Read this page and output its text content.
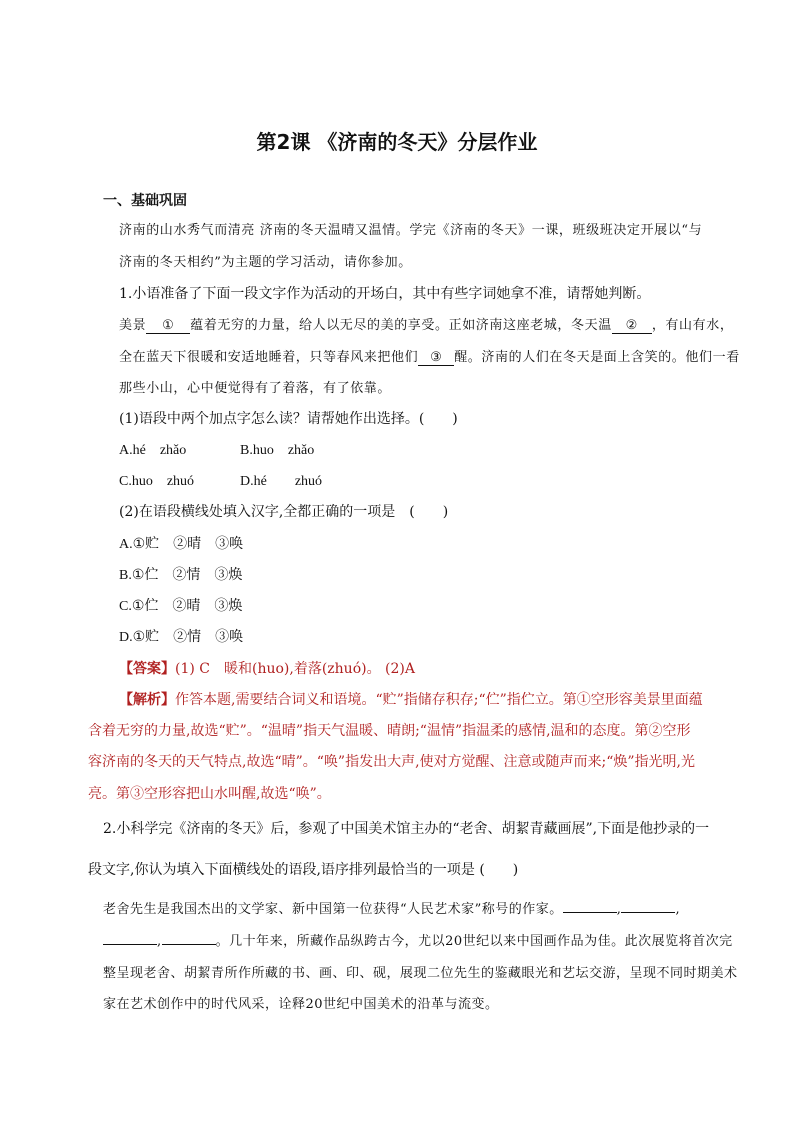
第2课 《济南的冬天》分层作业
一、基础巩固
济南的山水秀气而清亮 济南的冬天温晴又温情。学完《济南的冬天》一课，班级班决定开展以“与
济南的冬天相约”为主题的学习活动，请你参加。
1.小语准备了下面一段文字作为活动的开场白，其中有些字词她拿不准，请帮她判断。
美景 ① 蕴着无穷的力量，给人以无尽的美的享受。正如济南这座老城，冬天温 ② ，有山有水，
全在蓝天下很暖和安适地睡着，只等春风来把他们 ③ 醒。济南的人们在冬天是面上含笑的。他们一看
那些小山，心中便觉得有了着落，有了依靠。
(1)语段中两个加点字怎么读？请帮她作出选择。(　　)
A.hé　zhǎo	B.huo　zhǎo
C.huo　zhuó	D.hé　　zhuó
(2)在语段横线处填入汉字,全都正确的一项是　(　　)
A.①贮　②晴　③唤
B.①伫　②情　③焕
C.①伫　②晴　③焕
D.①贮　②情　③唤
【答案】(1) C　暖和(huo),着落(zhuó)。 (2)A
【解析】作答本题,需要结合词义和语境。“贮”指储存积存;“伫”指伫立。第①空形容美景里面蕴
含着无穷的力量,故选“贮”。“温晴”指天气温暖、晴朗;“温情”指温柔的感情,温和的态度。第②空形
容济南的冬天的天气特点,故选“晴”。“唤”指发出大声,使对方觉醒、注意或随声而来;“焕”指光明,光
亮。第③空形容把山水叫醒,故选“唤”。
2.小科学完《济南的冬天》后，参观了中国美术馆主办的“老舍、胡絜青藏画展”,下面是他抄录的一
段文字,你认为填入下面横线处的语段,语序排列最恰当的一项是 (　　)
老舍先生是我国杰出的文学家、新中国第一位获得“人民艺术家”称号的作家。	,	,
,	。几十年来，所藏作品纵跨古今，尤以20世纪以来中国画作品为佳。此次展览将首次完
整呈现老舍、胡絜青所作所藏的书、画、印、砚，展现二位先生的鉴藏眼光和艺坛交游，呈现不同时期美术
家在艺术创作中的时代风采，诠释20世纪中国美术的沿革与流变。
